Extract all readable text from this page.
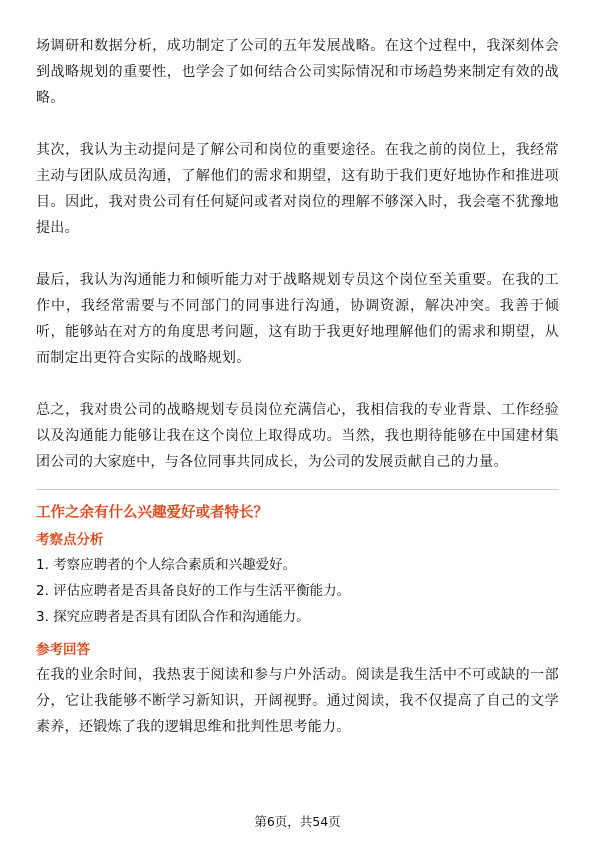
场调研和数据分析，成功制定了公司的五年发展战略。在这个过程中，我深刻体会到战略规划的重要性，也学会了如何结合公司实际情况和市场趋势来制定有效的战略。

其次，我认为主动提问是了解公司和岗位的重要途径。在我之前的岗位上，我经常主动与团队成员沟通，了解他们的需求和期望，这有助于我们更好地协作和推进项目。因此，我对贵公司有任何疑问或者对岗位的理解不够深入时，我会毫不犹豫地提出。

最后，我认为沟通能力和倾听能力对于战略规划专员这个岗位至关重要。在我的工作中，我经常需要与不同部门的同事进行沟通，协调资源，解决冲突。我善于倾听，能够站在对方的角度思考问题，这有助于我更好地理解他们的需求和期望，从而制定出更符合实际的战略规划。

总之，我对贵公司的战略规划专员岗位充满信心，我相信我的专业背景、工作经验以及沟通能力能够让我在这个岗位上取得成功。当然，我也期待能够在中国建材集团公司的大家庭中，与各位同事共同成长，为公司的发展贡献自己的力量。

工作之余有什么兴趣爱好或者特长？
考察点分析

1. 考察应聘者的个人综合素质和兴趣爱好。

2. 评估应聘者是否具备良好的工作与生活平衡能力。

3. 探究应聘者是否具有团队合作和沟通能力。

参考回答

在我的业余时间，我热衷于阅读和参与户外活动。阅读是我生活中不可或缺的一部分，它让我能够不断学习新知识，开阔视野。通过阅读，我不仅提高了自己的文学素养，还锻炼了我的逻辑思维和批判性思考能力。

第6页，共54页
